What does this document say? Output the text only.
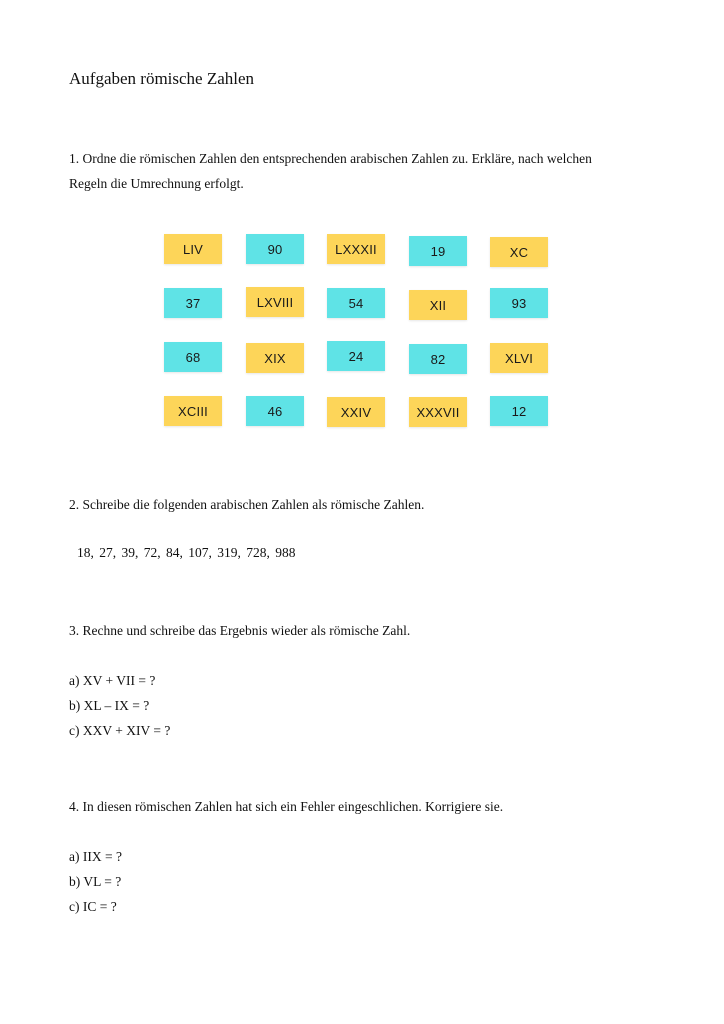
Aufgaben römische Zahlen
1. Ordne die römischen Zahlen den entsprechenden arabischen Zahlen zu. Erkläre, nach welchen
Regeln die Umrechnung erfolgt.
LIV	90	LXXXII	19	XC
37	LXVIII	54	XII	93
68	XIX	24	82	XLVI
XCIII	46	XXIV	XXXVII	12
2. Schreibe die folgenden arabischen Zahlen als römische Zahlen.
18, 27, 39, 72, 84, 107, 319, 728, 988
3. Rechne und schreibe das Ergebnis wieder als römische Zahl.
a) XV + VII = ?
b) XL – IX = ?
c) XXV + XIV = ?
4. In diesen römischen Zahlen hat sich ein Fehler eingeschlichen. Korrigiere sie.
a) IIX = ?
b) VL = ?
c) IC = ?
